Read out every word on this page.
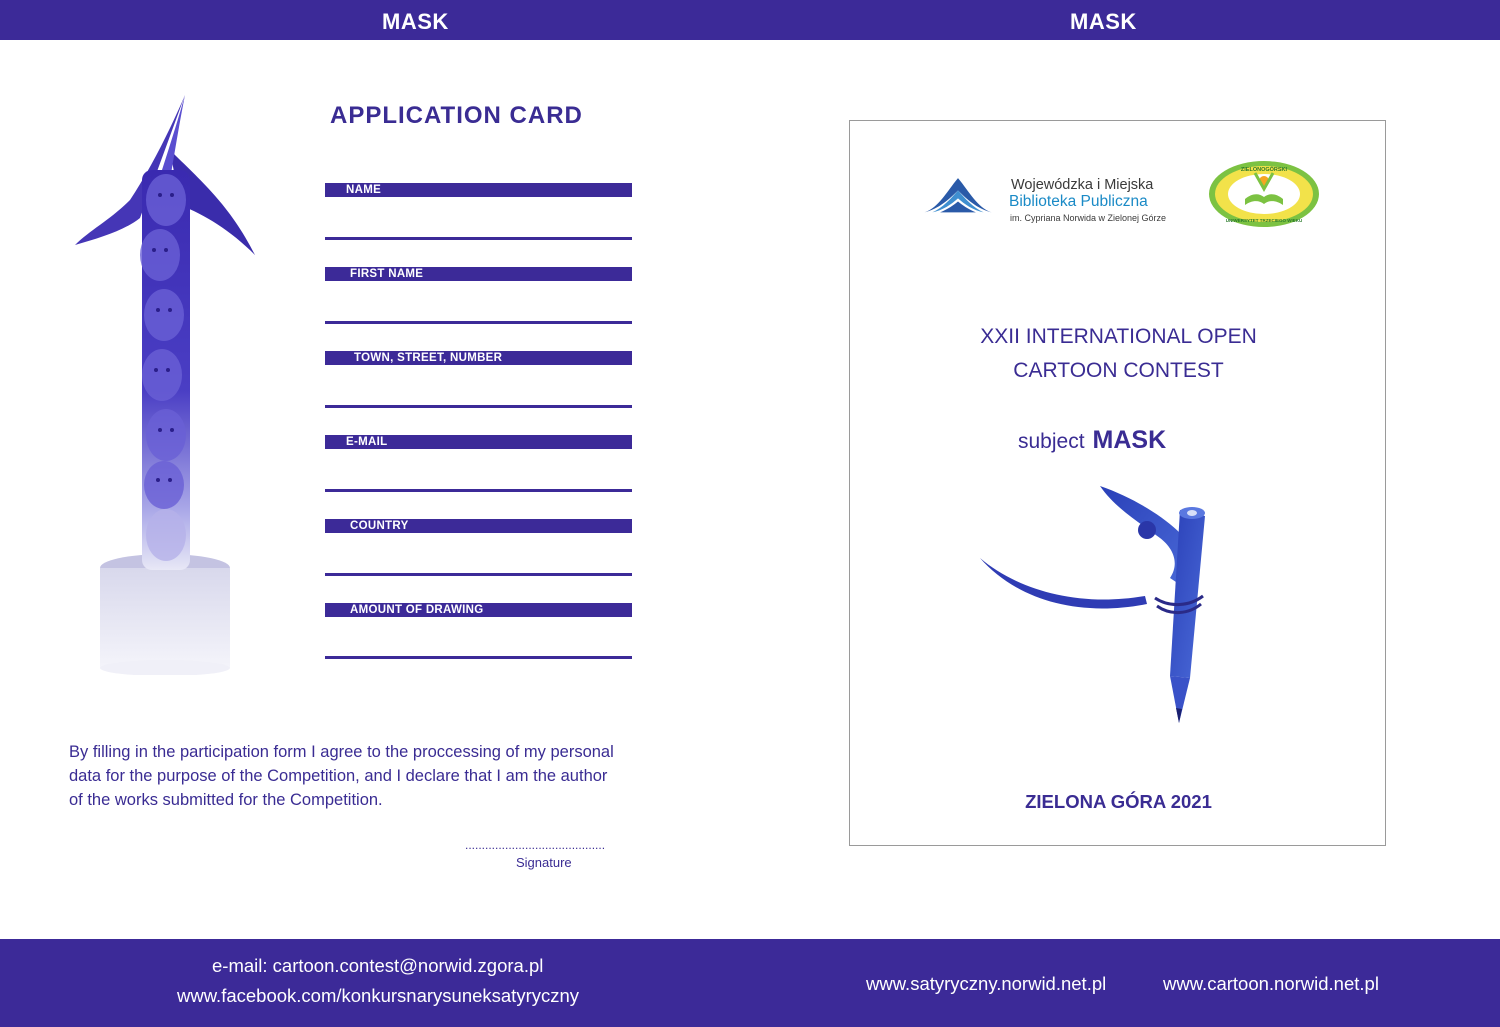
MASK	MASK
APPLICATION CARD
NAME
FIRST NAME
TOWN, STREET, NUMBER
E-MAIL
COUNTRY
AMOUNT OF DRAWING
By filling in the participation form I agree to the proccessing of my personal
data for the purpose of the Competition, and I declare that I am the author
of the works submitted for the Competition.
..........................................
Signature
Wojewódzka i Miejska
Biblioteka Publiczna
im. Cypriana Norwida w Zielonej Górze
ZIELONOGÓRSKI
UNIWERSYTET TRZECIEGO WIEKU
XXII INTERNATIONAL OPEN
CARTOON CONTEST
subject MASK
ZIELONA GÓRA 2021
e-mail: cartoon.contest@norwid.zgora.pl
www.facebook.com/konkursnarysuneksatyryczny
www.satyryczny.norwid.net.pl	www.cartoon.norwid.net.pl
